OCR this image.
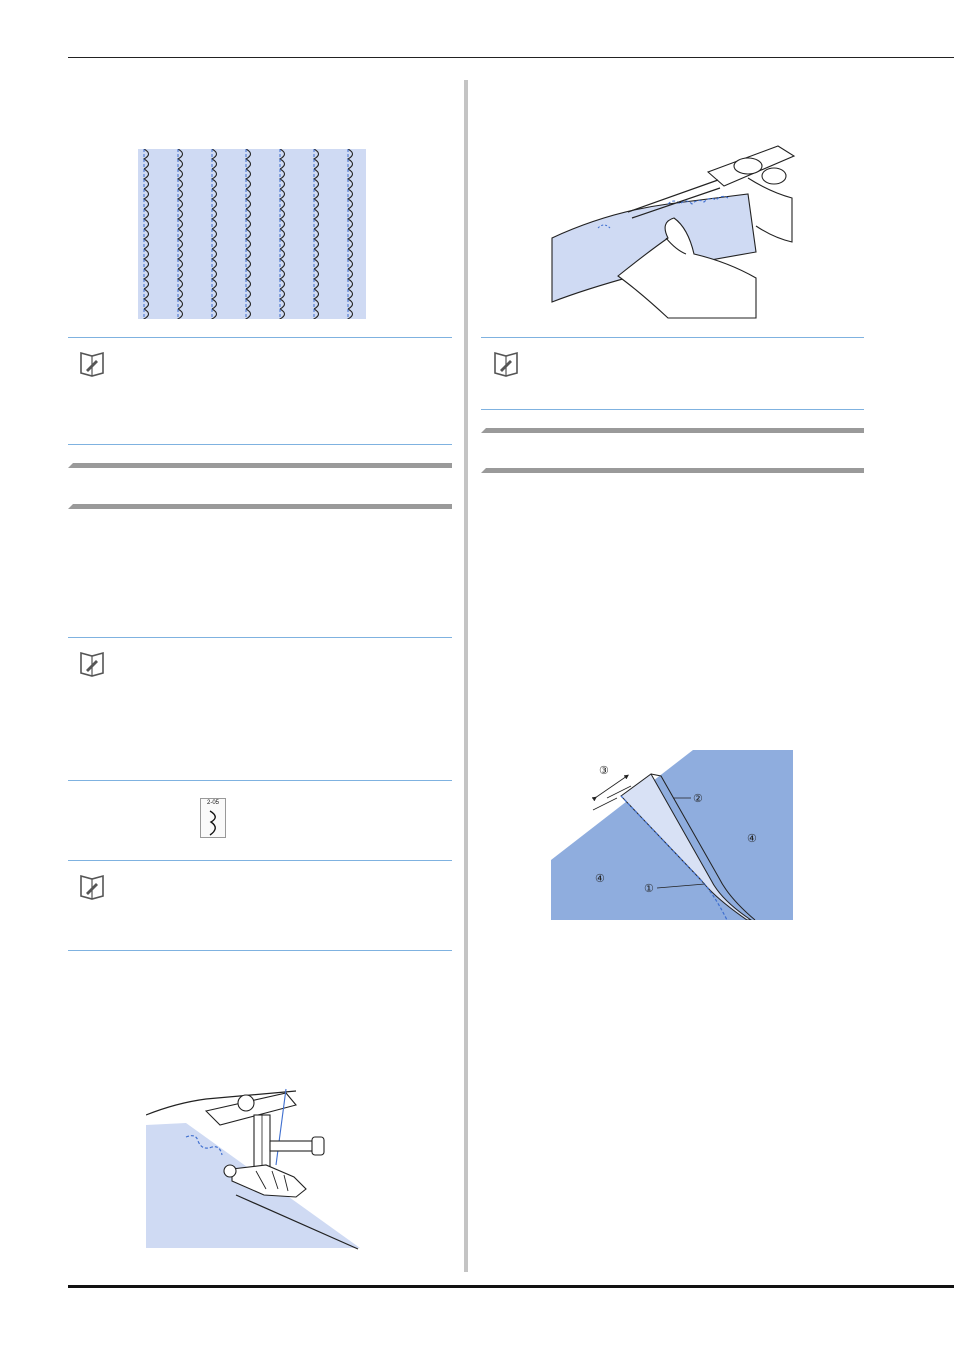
2-05	②
①
③
④
④
